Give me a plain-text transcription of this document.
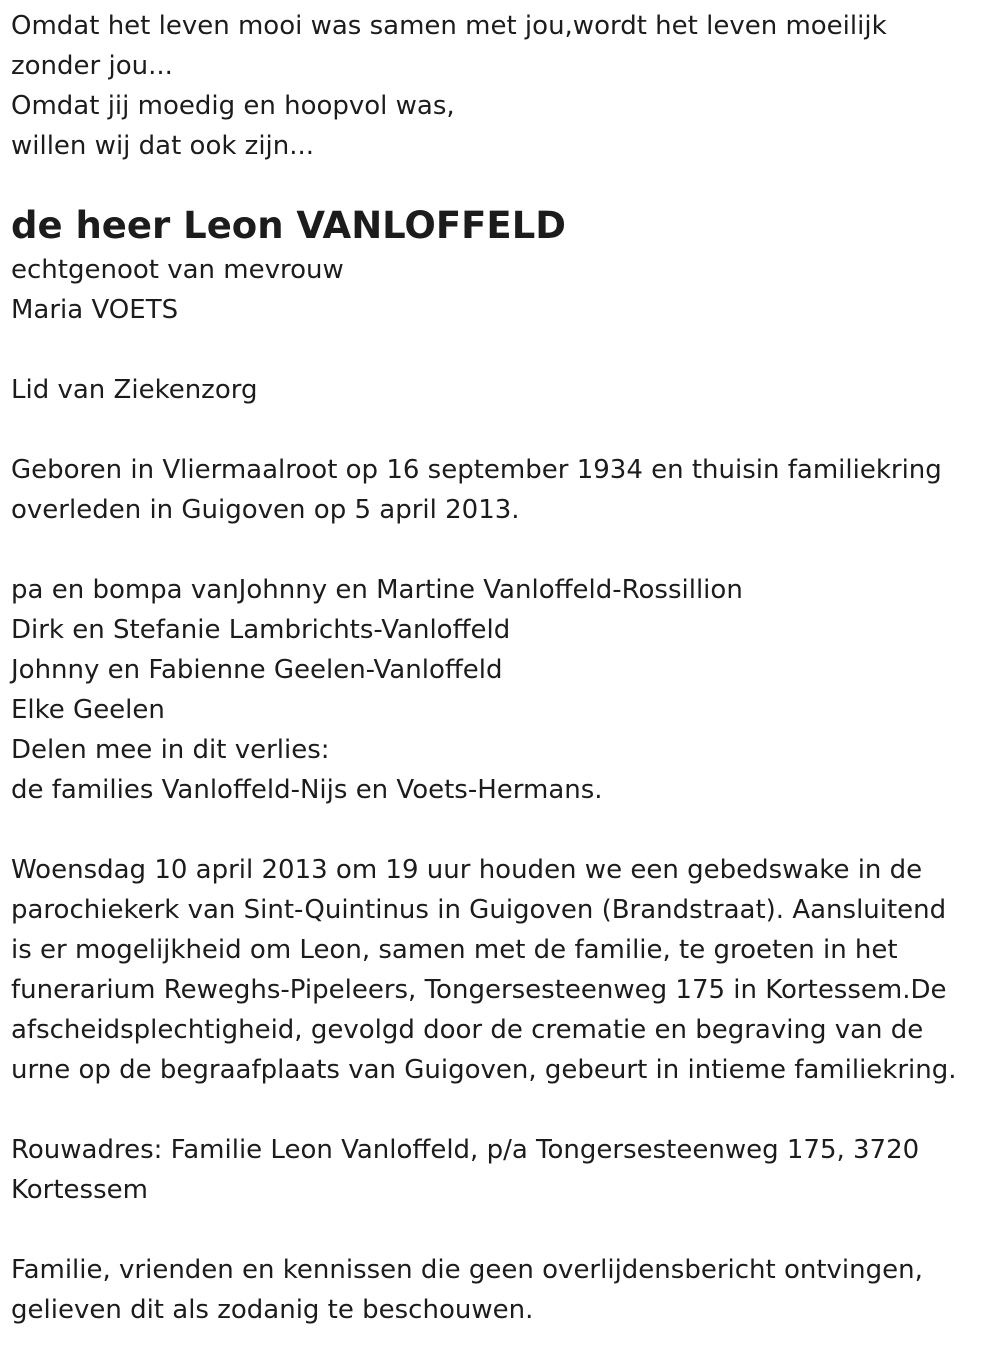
Omdat het leven mooi was samen met jou,wordt het leven moeilijk
zonder jou...
Omdat jij moedig en hoopvol was,
willen wij dat ook zijn...
de heer Leon VANLOFFELD
echtgenoot van mevrouw
Maria VOETS
Lid van Ziekenzorg
Geboren in Vliermaalroot op 16 september 1934 en thuisin familiekring
overleden in Guigoven op 5 april 2013.
pa en bompa vanJohnny en Martine Vanloffeld-Rossillion
Dirk en Stefanie Lambrichts-Vanloffeld
Johnny en Fabienne Geelen-Vanloffeld
Elke Geelen
Delen mee in dit verlies:
de families Vanloffeld-Nijs en Voets-Hermans.
Woensdag 10 april 2013 om 19 uur houden we een gebedswake in de
parochiekerk van Sint-Quintinus in Guigoven (Brandstraat). Aansluitend
is er mogelijkheid om Leon, samen met de familie, te groeten in het
funerarium Reweghs-Pipeleers, Tongersesteenweg 175 in Kortessem.De
afscheidsplechtigheid, gevolgd door de crematie en begraving van de
urne op de begraafplaats van Guigoven, gebeurt in intieme familiekring.
Rouwadres: Familie Leon Vanloffeld, p/a Tongersesteenweg 175, 3720
Kortessem
Familie, vrienden en kennissen die geen overlijdensbericht ontvingen,
gelieven dit als zodanig te beschouwen.
